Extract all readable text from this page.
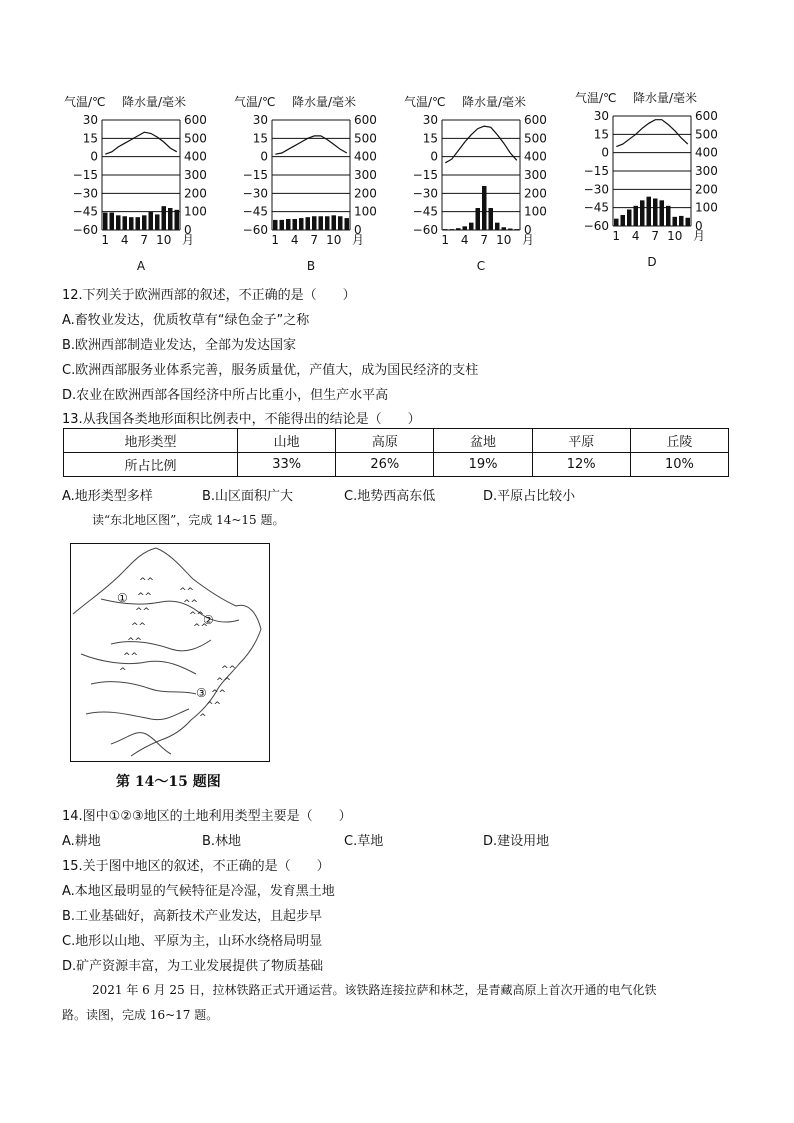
气温/℃ 降水量/毫米
30	600
15	500
0	400
−15	300
−30	200
−45	100
−60	0
1 4 7 10 月
A
气温/℃ 降水量/毫米
30	600
15	500
0	400
−15	300
−30	200
−45	100
−60	0
1 4 7 10 月
B
气温/℃ 降水量/毫米
30	600
15	500
0	400
−15	300
−30	200
−45	100
−60	0
1 4 7 10 月
C
气温/℃ 降水量/毫米
30	600
15	500
0	400
−15	300
−30	200
−45	100
−60	0
1 4 7 10 月
D
12.下列关于欧洲西部的叙述，不正确的是（　　）
A.畜牧业发达，优质牧草有“绿色金子”之称
B.欧洲西部制造业发达，全部为发达国家
C.欧洲西部服务业体系完善，服务质量优，产值大，成为国民经济的支柱
D.农业在欧洲西部各国经济中所占比重小，但生产水平高
13.从我国各类地形面积比例表中，不能得出的结论是（　　）
地形类型	山地	高原	盆地	平原	丘陵
所占比例	33%	26%	19%	12%	10%
A.地形类型多样	B.山区面积广大	C.地势西高东低	D.平原占比较小
读“东北地区图”，完成 14~15 题。
^^
^^
^^
^^
^^
^^
^
^^
^^
^^
^^
^^
^^
^^
^^
^
①
②
③
第 14～15 题图
14.图中①②③地区的土地利用类型主要是（　　）
A.耕地	B.林地	C.草地	D.建设用地
15.关于图中地区的叙述，不正确的是（　　）
A.本地区最明显的气候特征是冷湿，发育黑土地
B.工业基础好，高新技术产业发达，且起步早
C.地形以山地、平原为主，山环水绕格局明显
D.矿产资源丰富，为工业发展提供了物质基础
2021 年 6 月 25 日，拉林铁路正式开通运营。该铁路连接拉萨和林芝，是青藏高原上首次开通的电气化铁
路。读图，完成 16~17 题。
